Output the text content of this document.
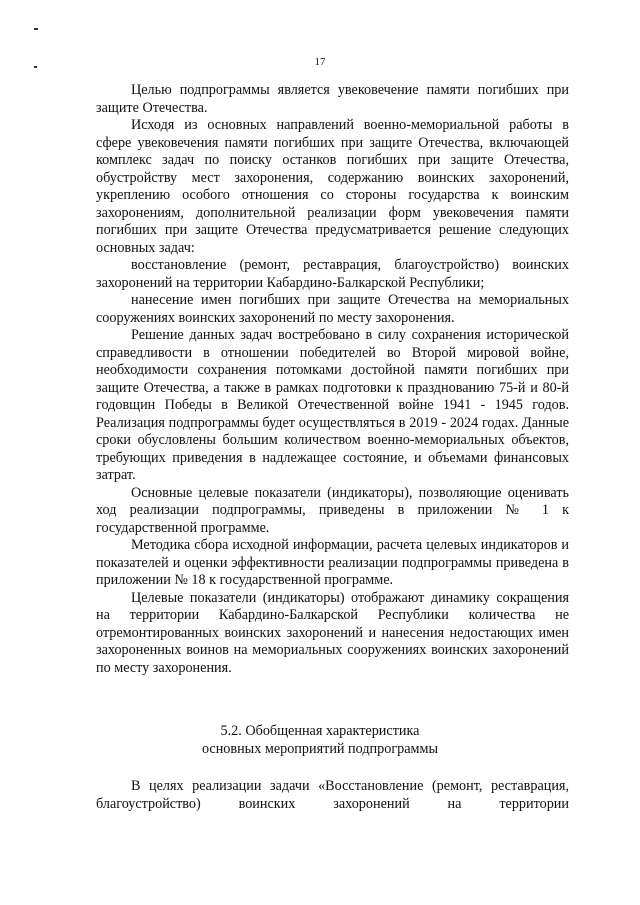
17

Целью подпрограммы является увековечение памяти погибших при защите Отечества.

Исходя из основных направлений военно-мемориальной работы в сфере увековечения памяти погибших при защите Отечества, включающей комплекс задач по поиску останков погибших при защите Отечества, обустройству мест захоронения, содержанию воинских захоронений, укреплению особого отношения со стороны государства к воинским захоронениям, дополнительной реализации форм увековечения памяти погибших при защите Отечества предусматривается решение следующих основных задач:

восстановление (ремонт, реставрация, благоустройство) воинских захоронений на территории Кабардино-Балкарской Республики;

нанесение имен погибших при защите Отечества на мемориальных сооружениях воинских захоронений по месту захоронения.

Решение данных задач востребовано в силу сохранения исторической справедливости в отношении победителей во Второй мировой войне, необходимости сохранения потомками достойной памяти погибших при защите Отечества, а также в рамках подготовки к празднованию 75-й и 80-й годовщин Победы в Великой Отечественной войне 1941 - 1945 годов. Реализация подпрограммы будет осуществляться в 2019 - 2024 годах. Данные сроки обусловлены большим количеством военно-мемориальных объектов, требующих приведения в надлежащее состояние, и объемами финансовых затрат.

Основные целевые показатели (индикаторы), позволяющие оценивать ход реализации подпрограммы, приведены в приложении № 1 к государственной программе.

Методика сбора исходной информации, расчета целевых индикаторов и показателей и оценки эффективности реализации подпрограммы приведена в приложении № 18 к государственной программе.

Целевые показатели (индикаторы) отображают динамику сокращения на территории Кабардино-Балкарской Республики количества не отремонтированных воинских захоронений и нанесения недостающих имен захороненных воинов на мемориальных сооружениях воинских захоронений по месту захоронения.

5.2. Обобщенная характеристика
основных мероприятий подпрограммы

В целях реализации задачи «Восстановление (ремонт, реставрация, благоустройство) воинских захоронений на территории
